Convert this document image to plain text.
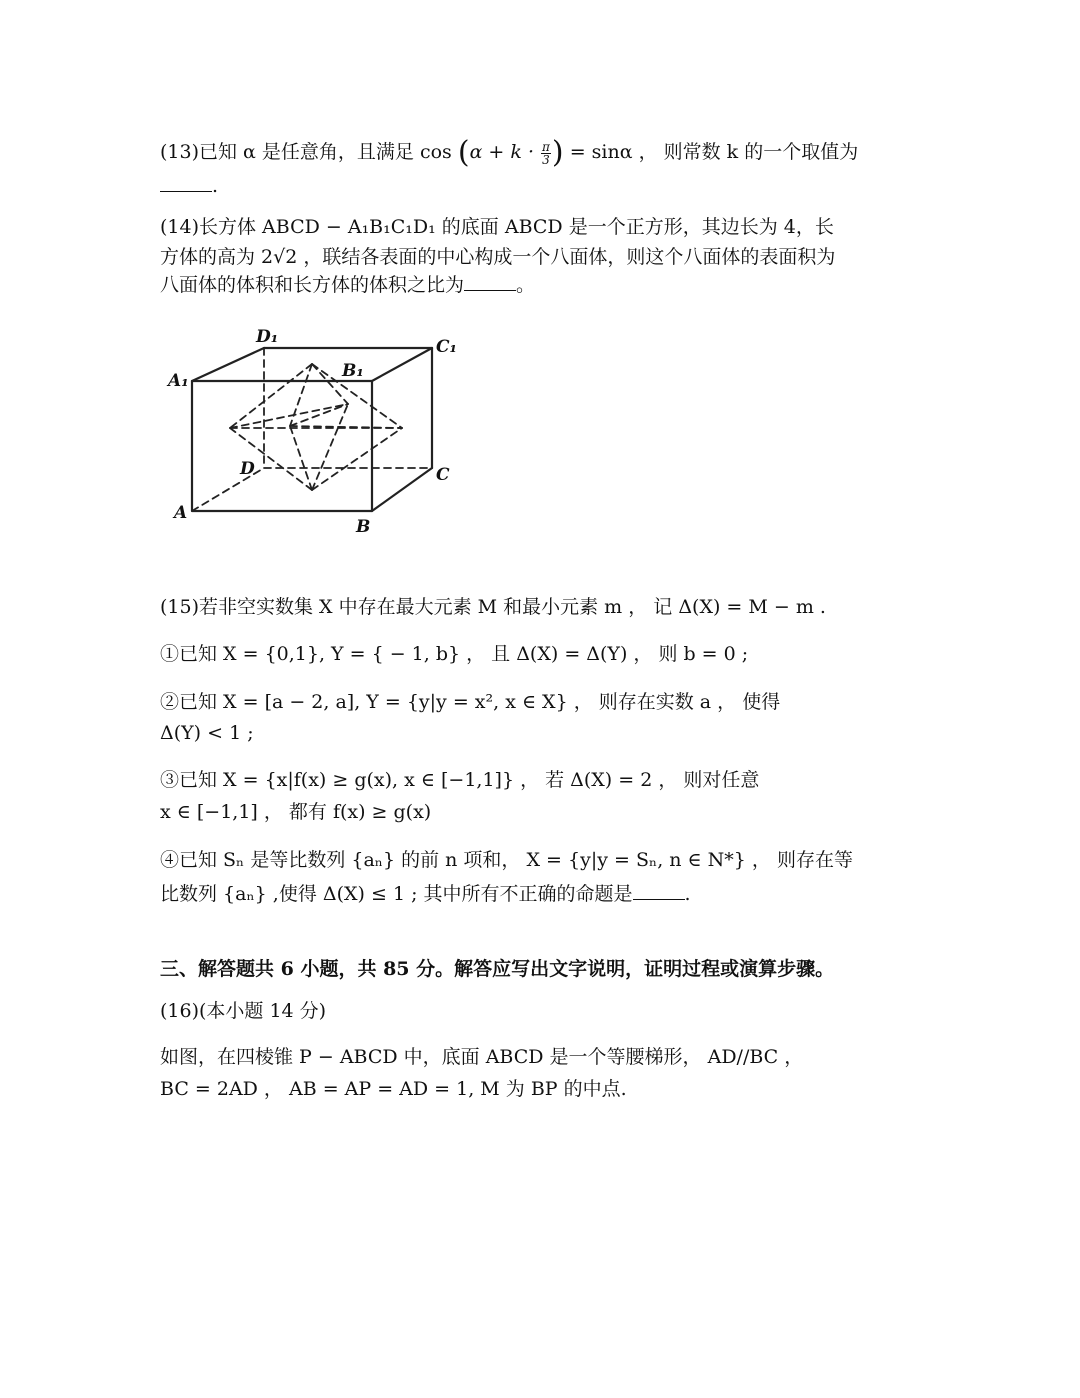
(13)已知 α 是任意角，且满足 $\cos (\alpha + k \cdot \frac{\pi}{3}$ ) = sinα ， 则常数 k 的一个取值为
.
(14)长方体 ABCD − A₁B₁C₁D₁ 的底面 ABCD 是一个正方形，其边长为 4，长
方体的高为 2√2 ，联结各表面的中心构成一个八面体，则这个八面体的表面积为
八面体的体积和长方体的体积之比为	。
D₁	C₁
B₁
A₁
D	C
A
B
(15)若非空实数集 X 中存在最大元素 M 和最小元素 m ， 记 Δ(X) = M − m .
①已知 X = {0,1}, Y = { − 1, b} ， 且 Δ(X) = Δ(Y) ， 则 b = 0 ;
②已知 X = [a − 2, a], Y = {y|y = x², x ∈ X} ， 则存在实数 a ， 使得
Δ(Y) < 1 ;
③已知 X = {x|f(x) ≥ g(x), x ∈ [−1,1]} ， 若 Δ(X) = 2 ， 则对任意
x ∈ [−1,1] ， 都有 f(x) ≥ g(x)
④已知 Sₙ 是等比数列 {aₙ} 的前 n 项和， X = {y|y = Sₙ, n ∈ N*} ， 则存在等
比数列 {aₙ} ,使得 Δ(X) ≤ 1 ; 其中所有不正确的命题是	.
三、解答题共 6 小题，共 85 分。解答应写出文字说明，证明过程或演算步骤。
(16)(本小题 14 分)
如图，在四棱锥 P − ABCD 中，底面 ABCD 是一个等腰梯形， AD//BC ，
BC = 2AD ， AB = AP = AD = 1, M 为 BP 的中点.
